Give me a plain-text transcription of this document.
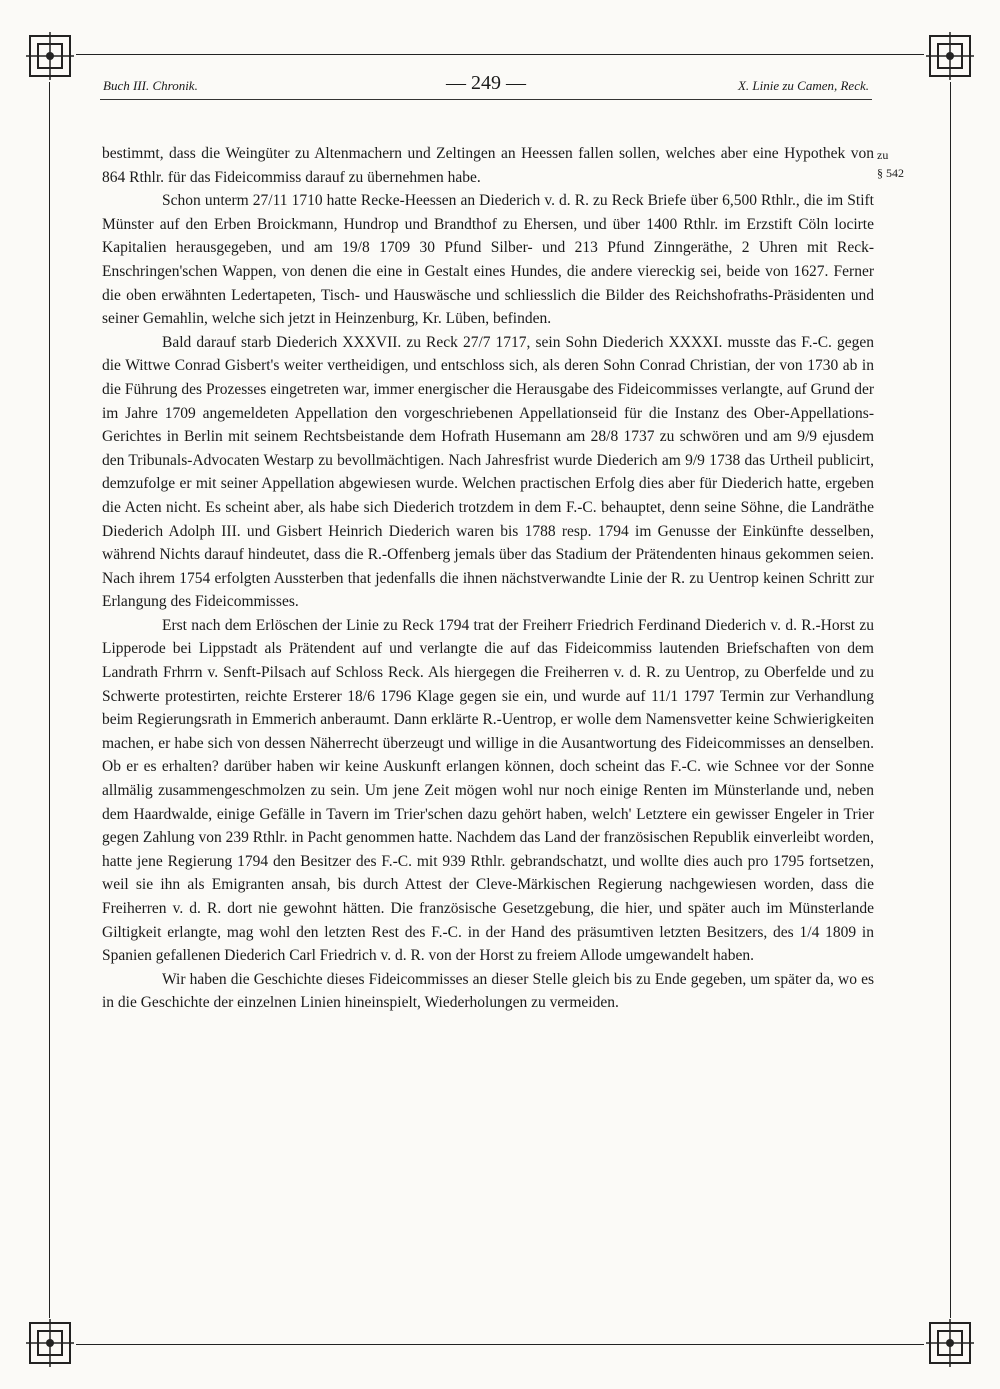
Buch III. Chronik.	— 249 —	X. Linie zu Camen, Reck.
zu
§ 542

bestimmt, dass die Weingüter zu Altenmachern und Zeltingen an Heessen fallen sollen, welches aber eine Hypothek von 864 Rthlr. für das Fideicommiss darauf zu übernehmen habe.

Schon unterm 27/11 1710 hatte Recke-Heessen an Diederich v. d. R. zu Reck Briefe über 6,500 Rthlr., die im Stift Münster auf den Erben Broickmann, Hundrop und Brandthof zu Ehersen, und über 1400 Rthlr. im Erzstift Cöln locirte Kapitalien herausgegeben, und am 19/8 1709 30 Pfund Silber- und 213 Pfund Zinngeräthe, 2 Uhren mit Reck-Enschringen'schen Wappen, von denen die eine in Gestalt eines Hundes, die andere viereckig sei, beide von 1627. Ferner die oben erwähnten Ledertapeten, Tisch- und Hauswäsche und schliesslich die Bilder des Reichshofraths-Präsidenten und seiner Gemahlin, welche sich jetzt in Heinzenburg, Kr. Lüben, befinden.

Bald darauf starb Diederich XXXVII. zu Reck 27/7 1717, sein Sohn Diederich XXXXI. musste das F.-C. gegen die Wittwe Conrad Gisbert's weiter vertheidigen, und entschloss sich, als deren Sohn Conrad Christian, der von 1730 ab in die Führung des Prozesses eingetreten war, immer energischer die Herausgabe des Fideicommisses verlangte, auf Grund der im Jahre 1709 angemeldeten Appellation den vorgeschriebenen Appellationseid für die Instanz des Ober-Appellations-Gerichtes in Berlin mit seinem Rechtsbeistande dem Hofrath Husemann am 28/8 1737 zu schwören und am 9/9 ejusdem den Tribunals-Advocaten Westarp zu bevollmächtigen. Nach Jahresfrist wurde Diederich am 9/9 1738 das Urtheil publicirt, demzufolge er mit seiner Appellation abgewiesen wurde. Welchen practischen Erfolg dies aber für Diederich hatte, ergeben die Acten nicht. Es scheint aber, als habe sich Diederich trotzdem in dem F.-C. behauptet, denn seine Söhne, die Landräthe Diederich Adolph III. und Gisbert Heinrich Diederich waren bis 1788 resp. 1794 im Genusse der Einkünfte desselben, während Nichts darauf hindeutet, dass die R.-Offenberg jemals über das Stadium der Prätendenten hinaus gekommen seien. Nach ihrem 1754 erfolgten Aussterben that jedenfalls die ihnen nächstverwandte Linie der R. zu Uentrop keinen Schritt zur Erlangung des Fideicommisses.

Erst nach dem Erlöschen der Linie zu Reck 1794 trat der Freiherr Friedrich Ferdinand Diederich v. d. R.-Horst zu Lipperode bei Lippstadt als Prätendent auf und verlangte die auf das Fideicommiss lautenden Briefschaften von dem Landrath Frhrrn v. Senft-Pilsach auf Schloss Reck. Als hiergegen die Freiherren v. d. R. zu Uentrop, zu Oberfelde und zu Schwerte protestirten, reichte Ersterer 18/6 1796 Klage gegen sie ein, und wurde auf 11/1 1797 Termin zur Verhandlung beim Regierungsrath in Emmerich anberaumt. Dann erklärte R.-Uentrop, er wolle dem Namensvetter keine Schwierigkeiten machen, er habe sich von dessen Näherrecht überzeugt und willige in die Ausantwortung des Fideicommisses an denselben. Ob er es erhalten? darüber haben wir keine Auskunft erlangen können, doch scheint das F.-C. wie Schnee vor der Sonne allmälig zusammengeschmolzen zu sein. Um jene Zeit mögen wohl nur noch einige Renten im Münsterlande und, neben dem Haardwalde, einige Gefälle in Tavern im Trier'schen dazu gehört haben, welch' Letztere ein gewisser Engeler in Trier gegen Zahlung von 239 Rthlr. in Pacht genommen hatte. Nachdem das Land der französischen Republik einverleibt worden, hatte jene Regierung 1794 den Besitzer des F.-C. mit 939 Rthlr. gebrandschatzt, und wollte dies auch pro 1795 fortsetzen, weil sie ihn als Emigranten ansah, bis durch Attest der Cleve-Märkischen Regierung nachgewiesen worden, dass die Freiherren v. d. R. dort nie gewohnt hätten. Die französische Gesetzgebung, die hier, und später auch im Münsterlande Giltigkeit erlangte, mag wohl den letzten Rest des F.-C. in der Hand des präsumtiven letzten Besitzers, des 1/4 1809 in Spanien gefallenen Diederich Carl Friedrich v. d. R. von der Horst zu freiem Allode umgewandelt haben.

Wir haben die Geschichte dieses Fideicommisses an dieser Stelle gleich bis zu Ende gegeben, um später da, wo es in die Geschichte der einzelnen Linien hineinspielt, Wiederholungen zu vermeiden.
